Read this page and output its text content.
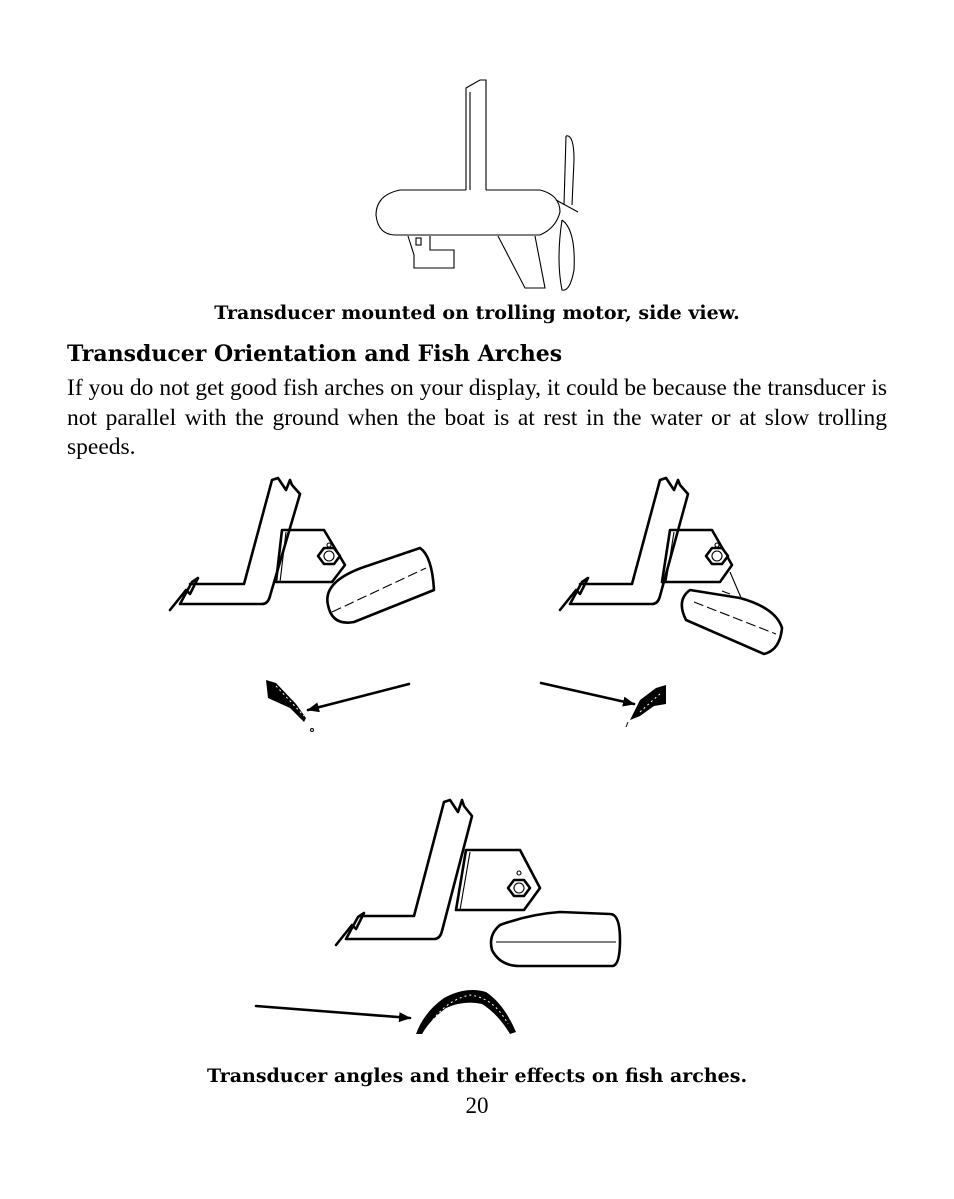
Transducer mounted on trolling motor, side view.
Transducer Orientation and Fish Arches
If you do not get good fish arches on your display, it could be because the transducer is not parallel with the ground when the boat is at rest in the water or at slow trolling speeds.
Transducer angles and their effects on fish arches.
20
